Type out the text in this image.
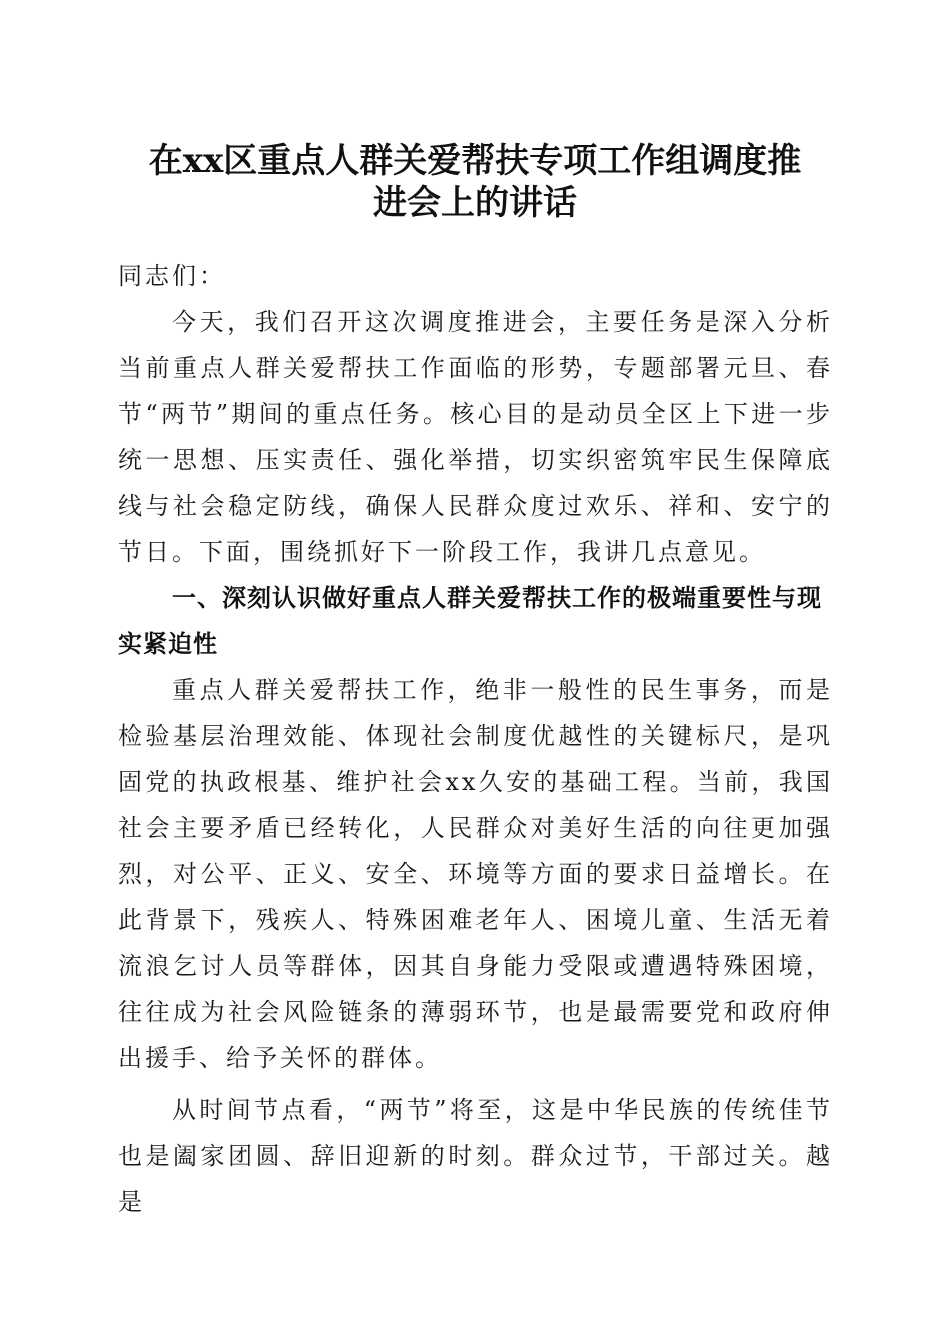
在xx区重点人群关爱帮扶专项工作组调度推
进会上的讲话

同志们：

今天，我们召开这次调度推进会，主要任务是深入分析当前重点人群关爱帮扶工作面临的形势，专题部署元旦、春节“两节”期间的重点任务。核心目的是动员全区上下进一步统一思想、压实责任、强化举措，切实织密筑牢民生保障底线与社会稳定防线，确保人民群众度过欢乐、祥和、安宁的节日。下面，围绕抓好下一阶段工作，我讲几点意见。

一、深刻认识做好重点人群关爱帮扶工作的极端重要性与现实紧迫性

重点人群关爱帮扶工作，绝非一般性的民生事务，而是检验基层治理效能、体现社会制度优越性的关键标尺，是巩固党的执政根基、维护社会xx久安的基础工程。当前，我国社会主要矛盾已经转化，人民群众对美好生活的向往更加强烈，对公平、正义、安全、环境等方面的要求日益增长。在此背景下，残疾人、特殊困难老年人、困境儿童、生活无着流浪乞讨人员等群体，因其自身能力受限或遭遇特殊困境，往往成为社会风险链条的薄弱环节，也是最需要党和政府伸出援手、给予关怀的群体。

从时间节点看，“两节”将至，这是中华民族的传统佳节也是阖家团圆、辞旧迎新的时刻。群众过节，干部过关。越是
